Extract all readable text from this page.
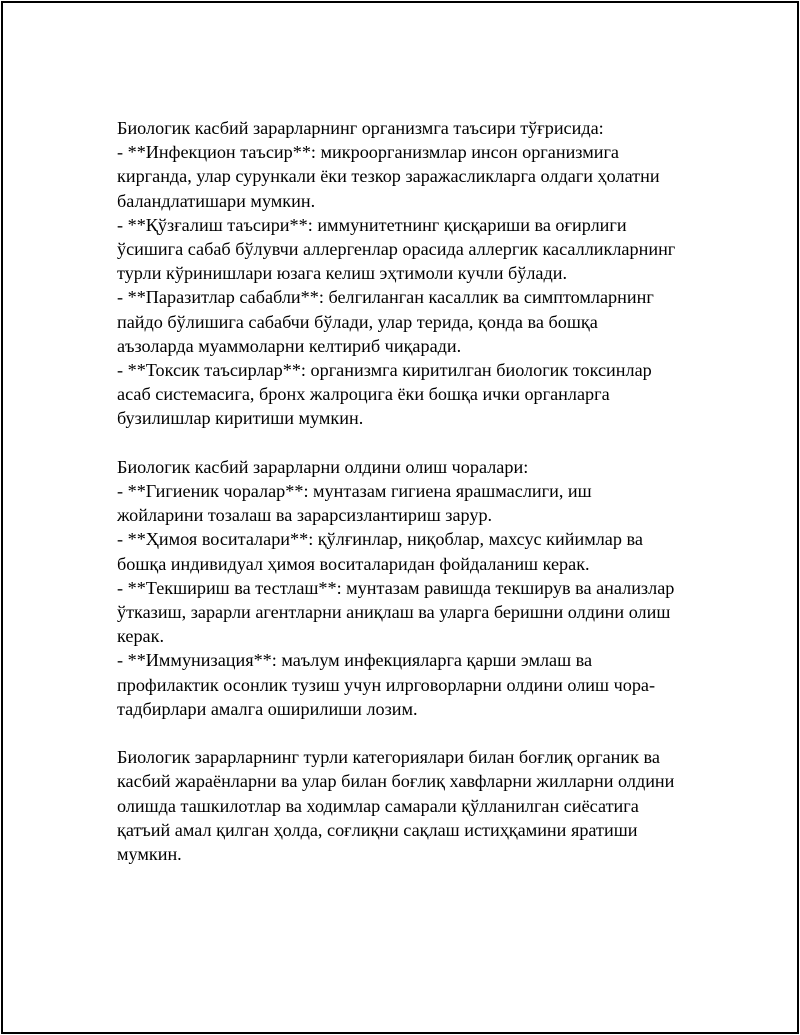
Биологик касбий зарарларнинг организмга таъсири тўғрисида:
- **Инфекцион таъсир**: микроорганизмлар инсон организмига
кирганда, улар сурункали ёки тезкор заражасликларга олдаги ҳолатни
баландлатишари мумкин.
- **Қўзғалиш таъсири**: иммунитетнинг қисқариши ва оғирлиги
ўсишига сабаб бўлувчи аллергенлар орасида аллергик касалликларнинг
турли кўринишлари юзага келиш эҳтимоли кучли бўлади.
- **Паразитлар сабабли**: белгиланган касаллик ва симптомларнинг
пайдо бўлишига сабабчи бўлади, улар терида, қонда ва бошқа
аъзоларда муаммоларни келтириб чиқаради.
- **Токсик таъсирлар**: организмга киритилган биологик токсинлар
асаб системасига, бронх жалроцига ёки бошқа ички органларга
бузилишлар киритиши мумкин.
Биологик касбий зарарларни олдини олиш чоралари:
- **Гигиеник чоралар**: мунтазам гигиена ярашмаслиги, иш
жойларини тозалаш ва зарарсизлантириш зарур.
- **Ҳимоя воситалари**: қўлғинлар, ниқоблар, махсус кийимлар ва
бошқа индивидуал ҳимоя воситаларидан фойдаланиш керак.
- **Текшириш ва тестлаш**: мунтазам равишда текширув ва анализлар
ўтказиш, зарарли агентларни аниқлаш ва уларга беришни олдини олиш
керак.
- **Иммунизация**: маълум инфекцияларга қарши эмлаш ва
профилактик осонлик тузиш учун илрговорларни олдини олиш чора-
тадбирлари амалга оширилиши лозим.
Биологик зарарларнинг турли категориялари билан боғлиқ органик ва
касбий жараёнларни ва улар билан боғлиқ хавфларни жилларни олдини
олишда ташкилотлар ва ходимлар самарали қўлланилган сиёсатига
қатъий амал қилган ҳолда, соғлиқни сақлаш истиҳқамини яратиши
мумкин.
